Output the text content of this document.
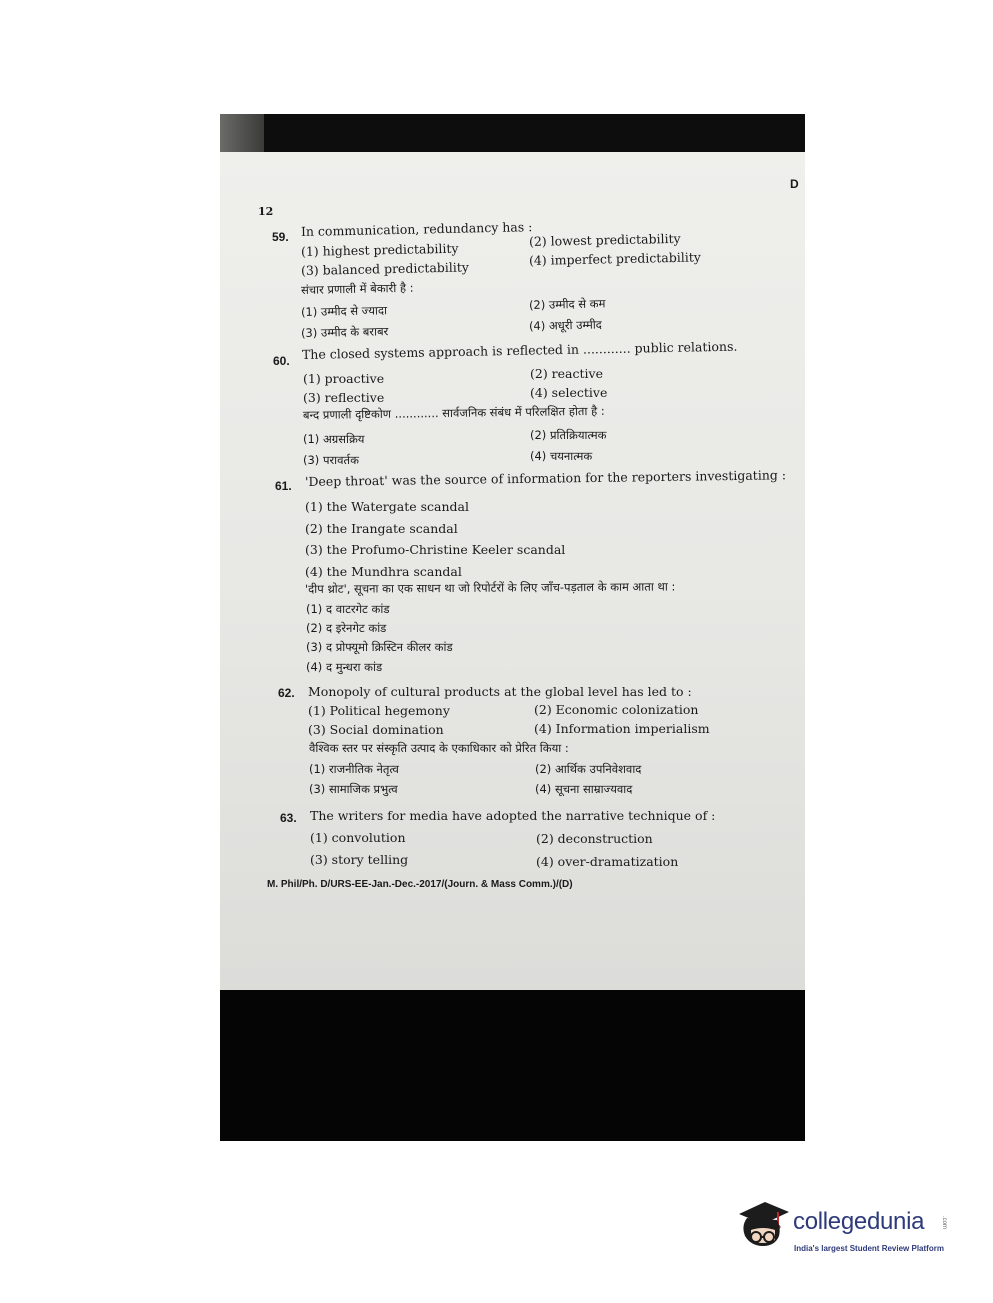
D
12
59. In communication, redundancy has :
(1) highest predictability
(2) lowest predictability
(3) balanced predictability
(4) imperfect predictability
संचार प्रणाली में बेकारी है :
(1) उम्मीद से ज्यादा	(2) उम्मीद से कम
(3) उम्मीद के बराबर	(4) अधूरी उम्मीद
60. The closed systems approach is reflected in ............ public relations.
(1) proactive	(2) reactive
(3) reflective	(4) selective
बन्द प्रणाली दृष्टिकोण ............ सार्वजनिक संबंध में परिलक्षित होता है :
(1) अग्रसक्रिय	(2) प्रतिक्रियात्मक
(3) परावर्तक	(4) चयनात्मक
61. 'Deep throat' was the source of information for the reporters investigating :
(1) the Watergate scandal
(2) the Irangate scandal
(3) the Profumo-Christine Keeler scandal
(4) the Mundhra scandal
'दीप थ्रोट', सूचना का एक साधन था जो रिपोर्टरों के लिए जाँच-पड़ताल के काम आता था :
(1) द वाटरगेट कांड
(2) द इरेनगेट कांड
(3) द प्रोफ्यूमो क्रिस्टिन कीलर कांड
(4) द मुन्धरा कांड
62. Monopoly of cultural products at the global level has led to :
(1) Political hegemony	(2) Economic colonization
(3) Social domination	(4) Information imperialism
वैश्विक स्तर पर संस्कृति उत्पाद के एकाधिकार को प्रेरित किया :
(1) राजनीतिक नेतृत्व	(2) आर्थिक उपनिवेशवाद
(3) सामाजिक प्रभुत्व	(4) सूचना साम्राज्यवाद
63. The writers for media have adopted the narrative technique of :
(1) convolution	(2) deconstruction
(3) story telling	(4) over-dramatization
M. Phil/Ph. D/URS-EE-Jan.-Dec.-2017/(Journ. & Mass Comm.)/(D)
collegedunia	.com
India's largest Student Review Platform
